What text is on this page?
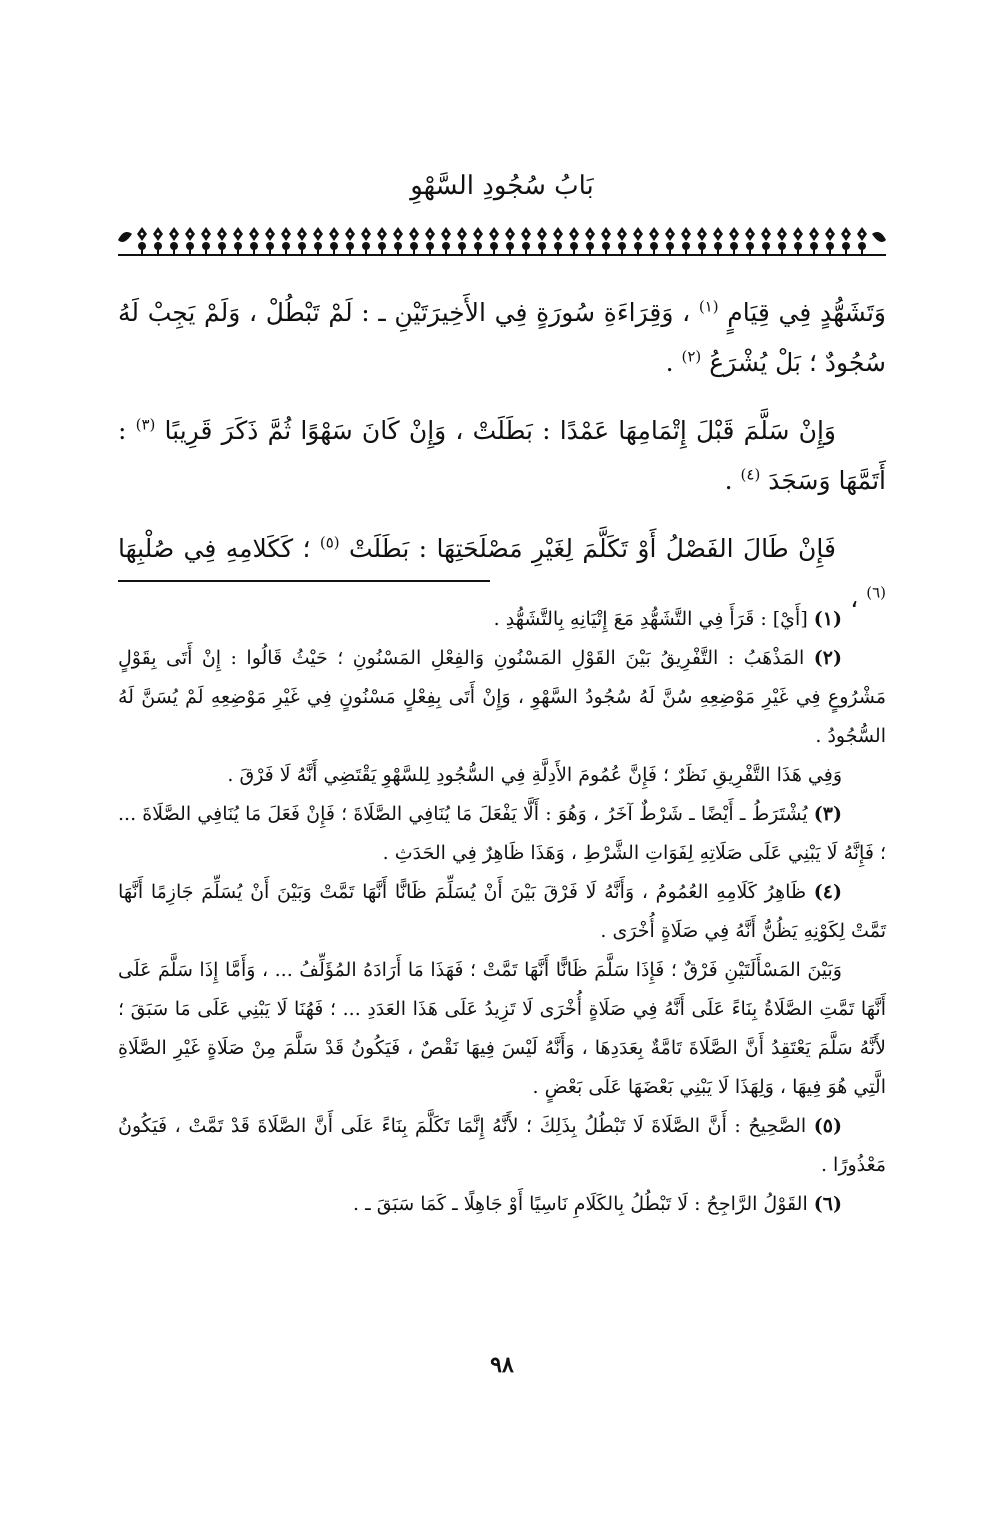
بَابُ سُجُودِ السَّهْوِ

وَتَشَهُّدٍ فِي قِيَامٍ $^{(١)}$ ، وَقِرَاءَةِ سُورَةٍ فِي الأَخِيرَتَيْنِ ـ : لَمْ تَبْطُلْ ، وَلَمْ يَجِبْ لَهُ سُجُودٌ ؛ بَلْ يُشْرَعُ $^{(٢)}$ .

وَإِنْ سَلَّمَ قَبْلَ إِتْمَامِهَا عَمْدًا : بَطَلَتْ ، وَإِنْ كَانَ سَهْوًا ثُمَّ ذَكَرَ قَرِيبًا $^{(٣)}$ : أَتَمَّهَا وَسَجَدَ $^{(٤)}$ .

فَإِنْ طَالَ الفَصْلُ أَوْ تَكَلَّمَ لِغَيْرِ مَصْلَحَتِهَا : بَطَلَتْ $^{(٥)}$ ؛ كَكَلامِهِ فِي صُلْبِهَا $^{(٦)}$ ،

(١) [أَيْ] : قَرَأَ فِي التَّشَهُّدِ مَعَ إِتْيَانِهِ بِالتَّشَهُّدِ .

(٢) المَذْهَبُ : التَّفْرِيقُ بَيْنَ القَوْلِ المَسْنُونِ وَالفِعْلِ المَسْنُونِ ؛ حَيْثُ قَالُوا : إِنْ أَتَى بِقَوْلٍ مَشْرُوعٍ فِي غَيْرِ مَوْضِعِهِ سُنَّ لَهُ سُجُودُ السَّهْوِ ، وَإِنْ أَتَى بِفِعْلٍ مَسْنُونٍ فِي غَيْرِ مَوْضِعِهِ لَمْ يُسَنَّ لَهُ السُّجُودُ .

وَفِي هَذَا التَّفْرِيقِ نَظَرٌ ؛ فَإِنَّ عُمُومَ الأَدِلَّةِ فِي السُّجُودِ لِلسَّهْوِ يَقْتَضِي أَنَّهُ لَا فَرْقَ .

(٣) يُشْتَرَطُ ـ أَيْضًا ـ شَرْطٌ آخَرُ ، وَهُوَ : أَلَّا يَفْعَلَ مَا يُنَافِي الصَّلَاةَ ؛ فَإِنْ فَعَلَ مَا يُنَافِي الصَّلَاةَ ... ؛ فَإِنَّهُ لَا يَبْنِي عَلَى صَلَاتِهِ لِفَوَاتِ الشَّرْطِ ، وَهَذَا ظَاهِرٌ فِي الحَدَثِ .

(٤) ظَاهِرُ كَلَامِهِ العُمُومُ ، وَأَنَّهُ لَا فَرْقَ بَيْنَ أَنْ يُسَلِّمَ ظَانًّا أَنَّهَا تَمَّتْ وَبَيْنَ أَنْ يُسَلِّمَ جَازِمًا أَنَّهَا تَمَّتْ لِكَوْنِهِ يَظُنُّ أَنَّهُ فِي صَلَاةٍ أُخْرَى .

وَبَيْنَ المَسْأَلَتَيْنِ فَرْقٌ ؛ فَإِذَا سَلَّمَ ظَانًّا أَنَّهَا تَمَّتْ ؛ فَهَذَا مَا أَرَادَهُ المُؤَلِّفُ ... ، وَأَمَّا إِذَا سَلَّمَ عَلَى أَنَّهَا تَمَّتِ الصَّلَاةُ بِنَاءً عَلَى أَنَّهُ فِي صَلَاةٍ أُخْرَى لَا تَزِيدُ عَلَى هَذَا العَدَدِ ... ؛ فَهُنَا لَا يَبْنِي عَلَى مَا سَبَقَ ؛ لأَنَّهُ سَلَّمَ يَعْتَقِدُ أَنَّ الصَّلَاةَ تَامَّةٌ بِعَدَدِهَا ، وَأَنَّهُ لَيْسَ فِيهَا نَقْصٌ ، فَيَكُونُ قَدْ سَلَّمَ مِنْ صَلَاةٍ غَيْرِ الصَّلَاةِ الَّتِي هُوَ فِيهَا ، وَلِهَذَا لَا يَبْنِي بَعْضَهَا عَلَى بَعْضٍ .

(٥) الصَّحِيحُ : أَنَّ الصَّلَاةَ لَا تَبْطُلُ بِذَلِكَ ؛ لأَنَّهُ إِنَّمَا تَكَلَّمَ بِنَاءً عَلَى أَنَّ الصَّلَاةَ قَدْ تَمَّتْ ، فَيَكُونُ مَعْذُورًا .

(٦) القَوْلُ الرَّاجِحُ : لَا تَبْطُلُ بِالكَلَامِ نَاسِيًا أَوْ جَاهِلًا ـ كَمَا سَبَقَ ـ .

٩٨
